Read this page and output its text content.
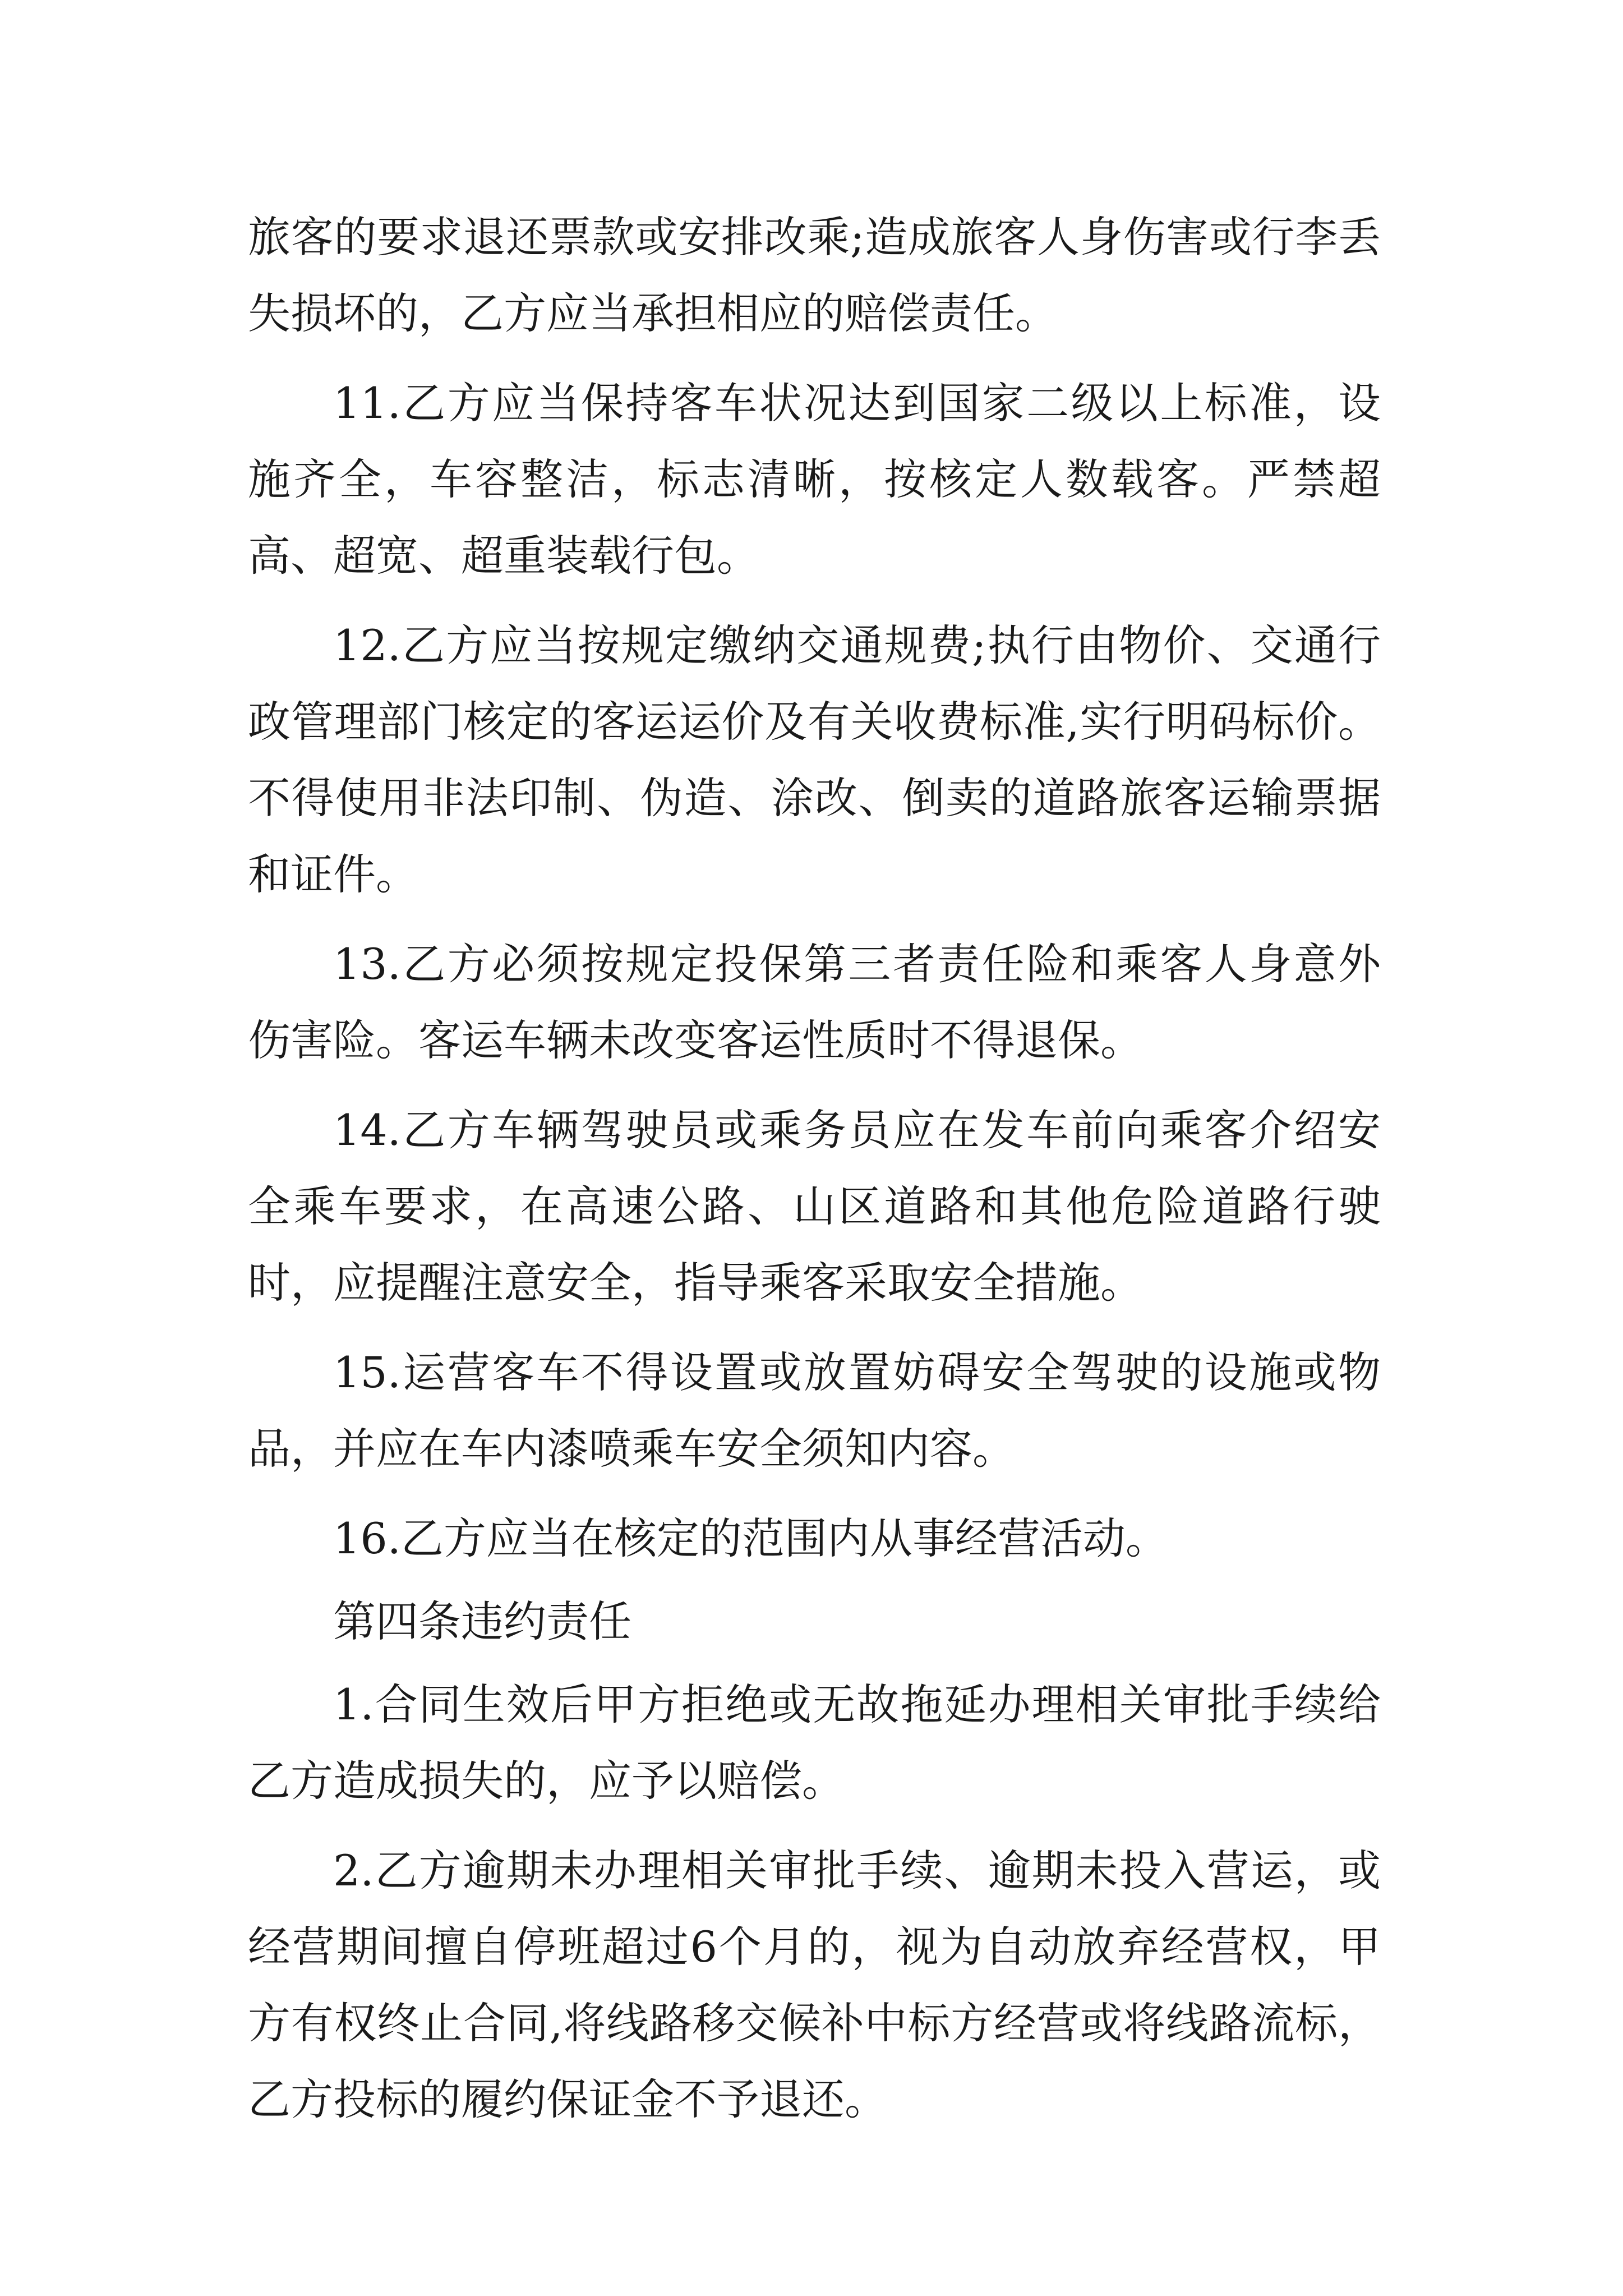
旅客的要求退还票款或安排改乘;造成旅客人身伤害或行李丢失损坏的，乙方应当承担相应的赔偿责任。

11.乙方应当保持客车状况达到国家二级以上标准，设施齐全，车容整洁，标志清晰，按核定人数载客。严禁超高、超宽、超重装载行包。

12.乙方应当按规定缴纳交通规费;执行由物价、交通行政管理部门核定的客运运价及有关收费标准,实行明码标价。不得使用非法印制、伪造、涂改、倒卖的道路旅客运输票据和证件。

13.乙方必须按规定投保第三者责任险和乘客人身意外伤害险。客运车辆未改变客运性质时不得退保。

14.乙方车辆驾驶员或乘务员应在发车前向乘客介绍安全乘车要求，在高速公路、山区道路和其他危险道路行驶时，应提醒注意安全，指导乘客采取安全措施。

15.运营客车不得设置或放置妨碍安全驾驶的设施或物品，并应在车内漆喷乘车安全须知内容。

16.乙方应当在核定的范围内从事经营活动。

第四条违约责任

1.合同生效后甲方拒绝或无故拖延办理相关审批手续给乙方造成损失的，应予以赔偿。

2.乙方逾期未办理相关审批手续、逾期未投入营运，或经营期间擅自停班超过6个月的，视为自动放弃经营权，甲方有权终止合同,将线路移交候补中标方经营或将线路流标，乙方投标的履约保证金不予退还。
